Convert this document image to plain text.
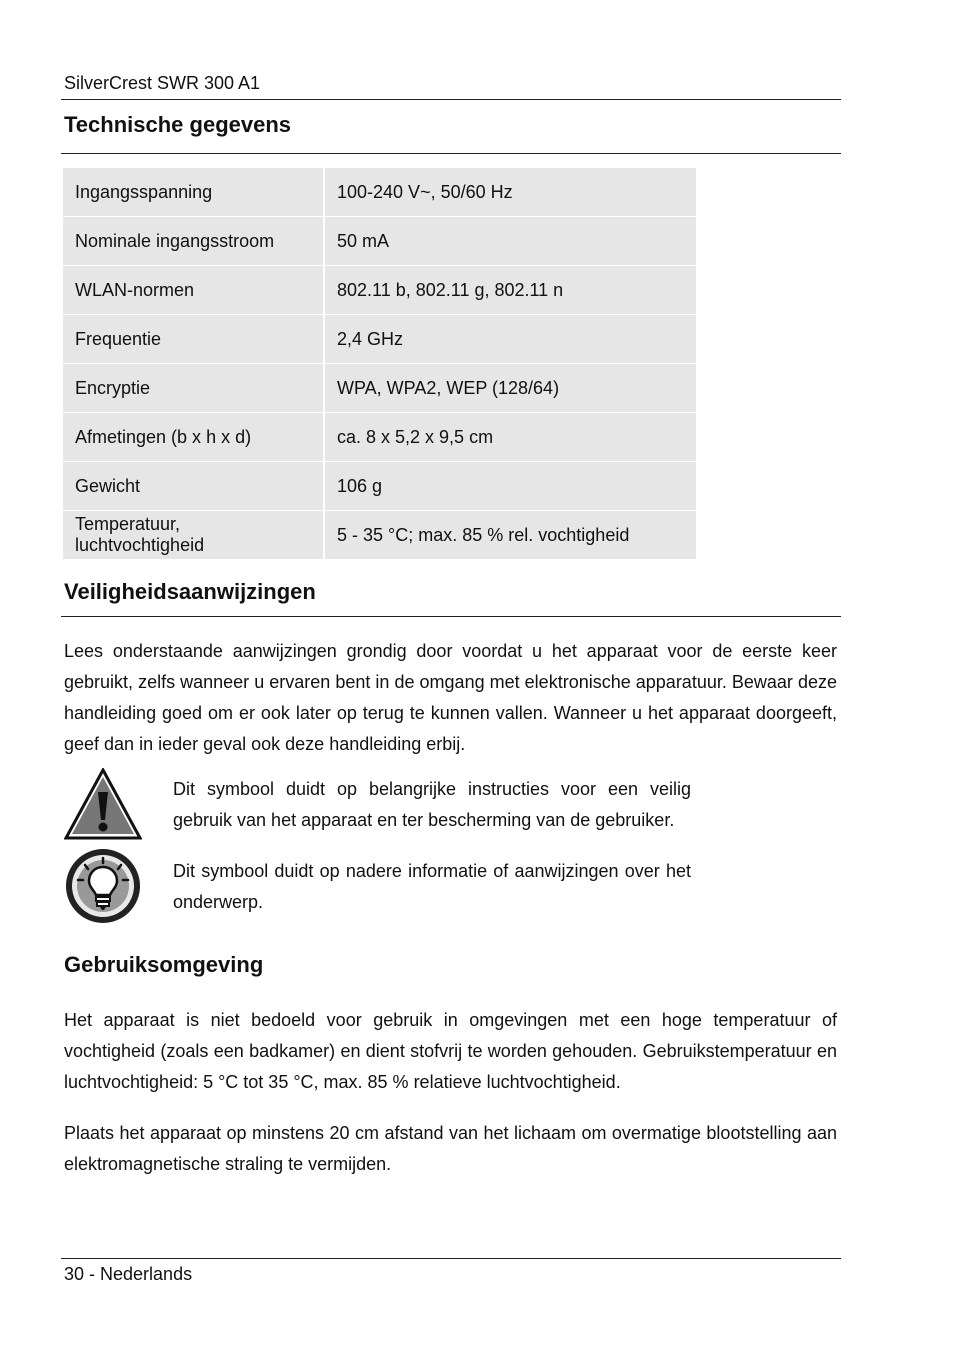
SilverCrest SWR 300 A1
Technische gegevens
Ingangsspanning	100-240 V~, 50/60 Hz
Nominale ingangsstroom	50 mA
WLAN-normen	802.11 b, 802.11 g, 802.11 n
Frequentie	2,4 GHz
Encryptie	WPA, WPA2, WEP (128/64)
Afmetingen (b x h x d)	ca. 8 x 5,2 x 9,5 cm
Gewicht	106 g
Temperatuur, luchtvochtigheid	5 - 35 °C; max. 85 % rel. vochtigheid
Veiligheidsaanwijzingen
Lees onderstaande aanwijzingen grondig door voordat u het apparaat voor de eerste keer gebruikt, zelfs wanneer u ervaren bent in de omgang met elektronische apparatuur. Bewaar deze handleiding goed om er ook later op terug te kunnen vallen. Wanneer u het apparaat doorgeeft, geef dan in ieder geval ook deze handleiding erbij.
Dit symbool duidt op belangrijke instructies voor een veilig gebruik van het apparaat en ter bescherming van de gebruiker.
Dit symbool duidt op nadere informatie of aanwijzingen over het onderwerp.
Gebruiksomgeving
Het apparaat is niet bedoeld voor gebruik in omgevingen met een hoge temperatuur of vochtigheid (zoals een badkamer) en dient stofvrij te worden gehouden. Gebruikstemperatuur en luchtvochtigheid: 5 °C tot 35 °C, max. 85 % relatieve luchtvochtigheid.
Plaats het apparaat op minstens 20 cm afstand van het lichaam om overmatige blootstelling aan elektromagnetische straling te vermijden.
30 - Nederlands
